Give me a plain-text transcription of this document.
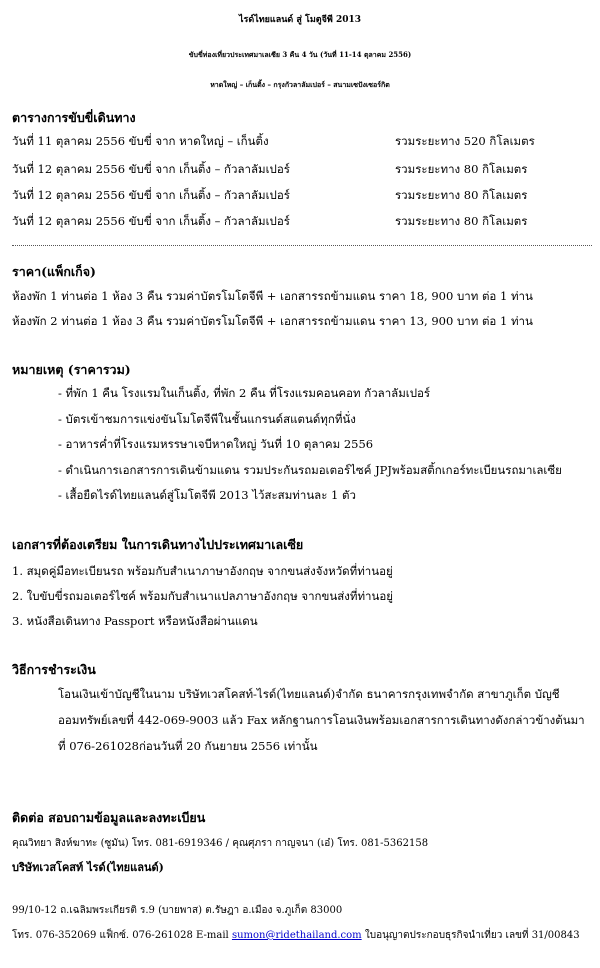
ไรด์ไทยแลนด์ สู่ โมตูจีพี 2013
ขับขี่ท่องเที่ยวประเทศมาเลเซีย 3 คืน 4 วัน (วันที่ 11-14 ตุลาคม 2556)
หาดใหญ่ – เก็นติ้ง – กรุงกัวลาลัมเปอร์ – สนามเซปังเซอร์กิต
ตารางการขับขี่เดินทาง
วันที่ 11 ตุลาคม 2556 ขับขี่ จาก หาดใหญ่ – เก็นติ้ง	รวมระยะทาง 520 กิโลเมตร
วันที่ 12 ตุลาคม 2556 ขับขี่ จาก เก็นติ้ง – กัวลาลัมเปอร์	รวมระยะทาง 80 กิโลเมตร
วันที่ 12 ตุลาคม 2556 ขับขี่ จาก เก็นติ้ง – กัวลาลัมเปอร์	รวมระยะทาง 80 กิโลเมตร
วันที่ 12 ตุลาคม 2556 ขับขี่ จาก เก็นติ้ง – กัวลาลัมเปอร์	รวมระยะทาง 80 กิโลเมตร
ราคา(แพ็กเก็จ)
ห้องพัก 1 ท่านต่อ 1 ห้อง 3 คืน รวมค่าบัตรโมโตจีพี + เอกสารรถข้ามแดน ราคา 18, 900 บาท ต่อ 1 ท่าน
ห้องพัก 2 ท่านต่อ 1 ห้อง 3 คืน รวมค่าบัตรโมโตจีพี + เอกสารรถข้ามแดน ราคา 13, 900 บาท ต่อ 1 ท่าน
หมายเหตุ (ราคารวม)
- ที่พัก 1 คืน โรงแรมในเก็นติ้ง, ที่พัก 2 คืน ที่โรงแรมคอนคอท กัวลาลัมเปอร์
- บัตรเข้าชมการแข่งขันโมโตจีพีในชั้นแกรนด์สแตนด์ทุกที่นั่ง
- อาหารค่ำที่โรงแรมหรรษาเจบีหาดใหญ่ วันที่ 10 ตุลาคม 2556
- ดำเนินการเอกสารการเดินข้ามแดน รวมประกันรถมอเตอร์ไซค์ JPJพร้อมสติ้กเกอร์ทะเบียนรถมาเลเซีย
- เสื้อยืดไรด์ไทยแลนด์สู่โมโตจีพี 2013 ไว้สะสมท่านละ 1 ตัว
เอกสารที่ต้องเตรียม ในการเดินทางไปประเทศมาเลเซีย
1. สมุดคู่มือทะเบียนรถ พร้อมกับสำเนาภาษาอังกฤษ จากขนส่งจังหวัดที่ท่านอยู่
2. ใบขับขี่รถมอเตอร์ไซค์ พร้อมกับสำเนาแปลภาษาอังกฤษ จากขนส่งที่ท่านอยู่
3. หนังสือเดินทาง Passport หรือหนังสือผ่านแดน
วิธีการชำระเงิน
โอนเงินเข้าบัญชีในนาม บริษัทเวสโคสท์-ไรด์(ไทยแลนด์)จำกัด ธนาคารกรุงเทพจำกัด สาขาภูเก็ต บัญชี
ออมทรัพย์เลขที่ 442-069-9003 แล้ว Fax หลักฐานการโอนเงินพร้อมเอกสารการเดินทางดังกล่าวข้างต้นมา
ที่ 076-261028ก่อนวันที่ 20 กันยายน 2556 เท่านั้น
ติดต่อ สอบถามข้อมูลและลงทะเบียน
คุณวิทยา สิงห์ฆาทะ (ซูมัน) โทร. 081-6919346 / คุณศุภรา กาญจนา (เอ๋) โทร. 081-5362158
บริษัทเวสโคสท์ ไรด์(ไทยแลนด์)
99/10-12 ถ.เฉลิมพระเกียรติ ร.9 (บายพาส) ต.รัษฎา อ.เมือง จ.ภูเก็ต 83000
โทร. 076-352069 แฟ็กซ์. 076-261028 E-mail sumon@ridethailand.com ใบอนุญาตประกอบธุรกิจนำเที่ยว เลขที่ 31/00843
